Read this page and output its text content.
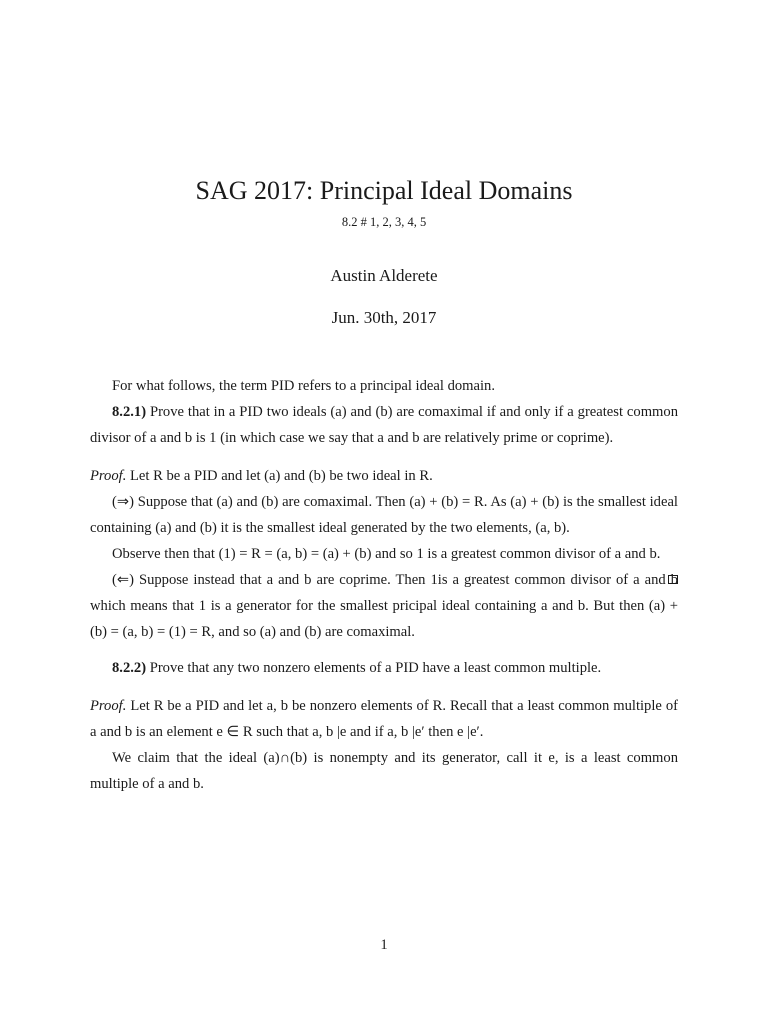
SAG 2017: Principal Ideal Domains
8.2 # 1, 2, 3, 4, 5
Austin Alderete
Jun. 30th, 2017

For what follows, the term PID refers to a principal ideal domain.

8.2.1) Prove that in a PID two ideals (a) and (b) are comaximal if and only if a greatest common divisor of a and b is 1 (in which case we say that a and b are relatively prime or coprime).

Proof. Let R be a PID and let (a) and (b) be two ideal in R.

(⇒) Suppose that (a) and (b) are comaximal. Then (a) + (b) = R. As (a) + (b) is the smallest ideal containing (a) and (b) it is the smallest ideal generated by the two elements, (a, b).

Observe then that (1) = R = (a, b) = (a) + (b) and so 1 is a greatest common divisor of a and b.

(⇐) Suppose instead that a and b are coprime. Then 1is a greatest common divisor of a and b which means that 1 is a generator for the smallest pricipal ideal containing a and b. But then (a) + (b) = (a, b) = (1) = R, and so (a) and (b) are comaximal.

8.2.2) Prove that any two nonzero elements of a PID have a least common multiple.

Proof. Let R be a PID and let a, b be nonzero elements of R. Recall that a least common multiple of a and b is an element e ∈ R such that a, b |e and if a, b |e′ then e |e′.

We claim that the ideal (a)∩(b) is nonempty and its generator, call it e, is a least common multiple of a and b.

1
